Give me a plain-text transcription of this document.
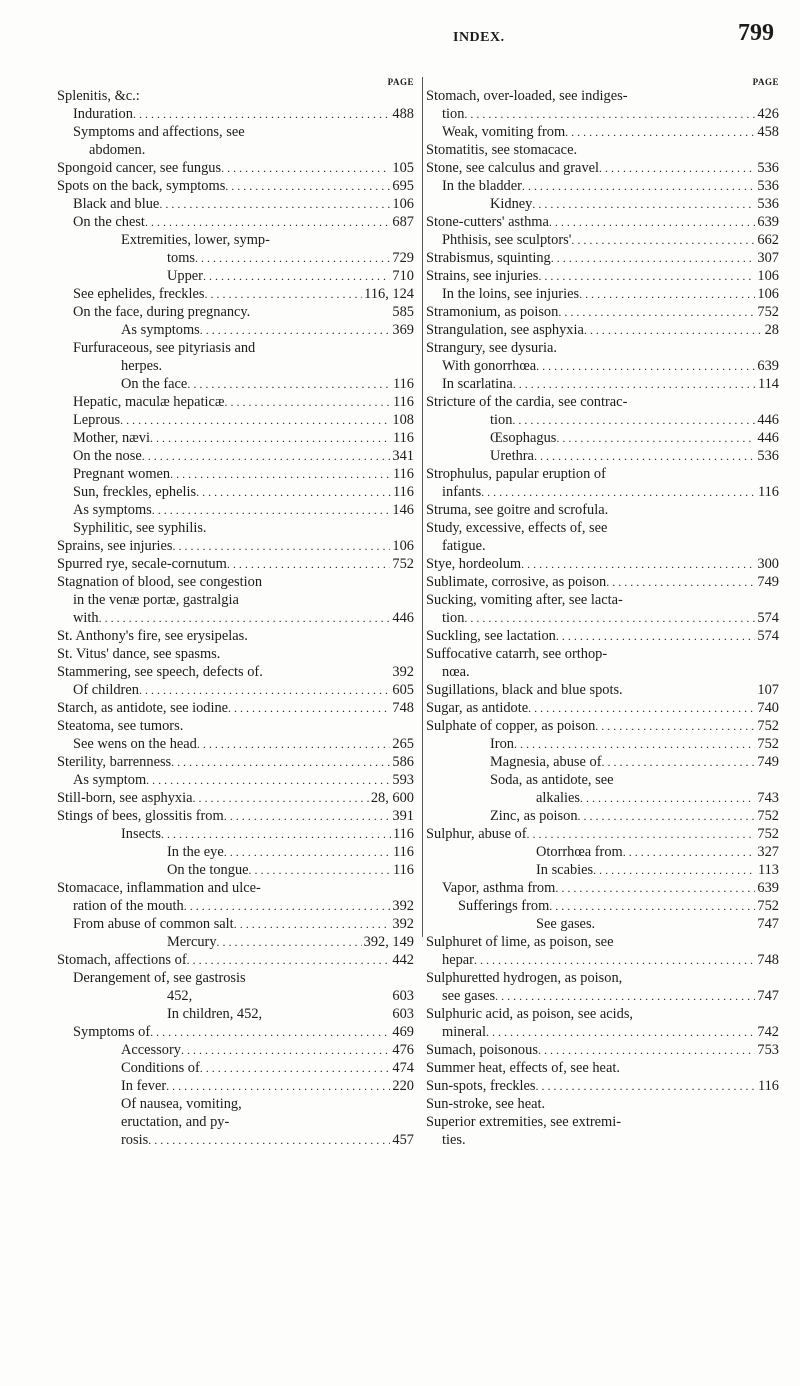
INDEX.	799
PAGE
Splenitis, &c.:
Induration . . .	488
Symptoms and affections, see
abdomen.
Spongoid cancer, see fungus . . .	105
Spots on the back, symptoms . . .	695
Black and blue . . .	106
On the chest . . .	687
Extremities, lower, symp-
toms . . .	729
Upper . . .	710
See ephelides, freckles . . .	116, 124
On the face, during pregnancy.	585
As symptoms . . .	369
Furfuraceous, see pityriasis and
herpes.
On the face . . .	116
Hepatic, maculæ hepaticæ . . .	116
Leprous . . .	108
Mother, nævi . . .	116
On the nose . . .	341
Pregnant women . . .	116
Sun, freckles, ephelis . . .	116
As symptoms . . .	146
Syphilitic, see syphilis.
Sprains, see injuries . . .	106
Spurred rye, secale-cornutum . . .	752
Stagnation of blood, see congestion
in the venæ portæ, gastralgia
with . . .	446
St. Anthony's fire, see erysipelas.
St. Vitus' dance, see spasms.
Stammering, see speech, defects of.	392
Of children . . .	605
Starch, as antidote, see iodine . . .	748
Steatoma, see tumors.
See wens on the head . . .	265
Sterility, barrenness . . .	586
As symptom . . .	593
Still-born, see asphyxia . . .	28, 600
Stings of bees, glossitis from . . .	391
Insects . . .	116
In the eye . . .	116
On the tongue . . .	116
Stomacace, inflammation and ulce-
ration of the mouth . . .	392
From abuse of common salt . . .	392
Mercury . . .	392, 149
Stomach, affections of . . .	442
Derangement of, see gastrosis
452,	603
In children, 452,	603
Symptoms of . . .	469
Accessory . . .	476
Conditions of . . .	474
In fever . . .	220
Of nausea, vomiting,
eructation, and py-
rosis . . .	457
PAGE
Stomach, over-loaded, see indiges-
tion . . .	426
Weak, vomiting from . . .	458
Stomatitis, see stomacace.
Stone, see calculus and gravel . . .	536
In the bladder . . .	536
Kidney . . .	536
Stone-cutters' asthma . . .	639
Phthisis, see sculptors' . . .	662
Strabismus, squinting . . .	307
Strains, see injuries . . .	106
In the loins, see injuries . . .	106
Stramonium, as poison . . .	752
Strangulation, see asphyxia . . .	28
Strangury, see dysuria.
With gonorrhœa . . .	639
In scarlatina . . .	114
Stricture of the cardia, see contrac-
tion . . .	446
Œsophagus . . .	446
Urethra . . .	536
Strophulus, papular eruption of
infants . . .	116
Struma, see goitre and scrofula.
Study, excessive, effects of, see
fatigue.
Stye, hordeolum . . .	300
Sublimate, corrosive, as poison . . .	749
Sucking, vomiting after, see lacta-
tion . . .	574
Suckling, see lactation . . .	574
Suffocative catarrh, see orthop-
nœa.
Sugillations, black and blue spots.	107
Sugar, as antidote . . .	740
Sulphate of copper, as poison . . .	752
Iron . . .	752
Magnesia, abuse of . . .	749
Soda, as antidote, see
alkalies . . .	743
Zinc, as poison . . .	752
Sulphur, abuse of . . .	752
Otorrhœa from . . .	327
In scabies . . .	113
Vapor, asthma from . . .	639
Sufferings from . . .	752
See gases.	747
Sulphuret of lime, as poison, see
hepar . . .	748
Sulphuretted hydrogen, as poison,
see gases . . .	747
Sulphuric acid, as poison, see acids,
mineral . . .	742
Sumach, poisonous . . .	753
Summer heat, effects of, see heat.
Sun-spots, freckles . . .	116
Sun-stroke, see heat.
Superior extremities, see extremi-
ties.
